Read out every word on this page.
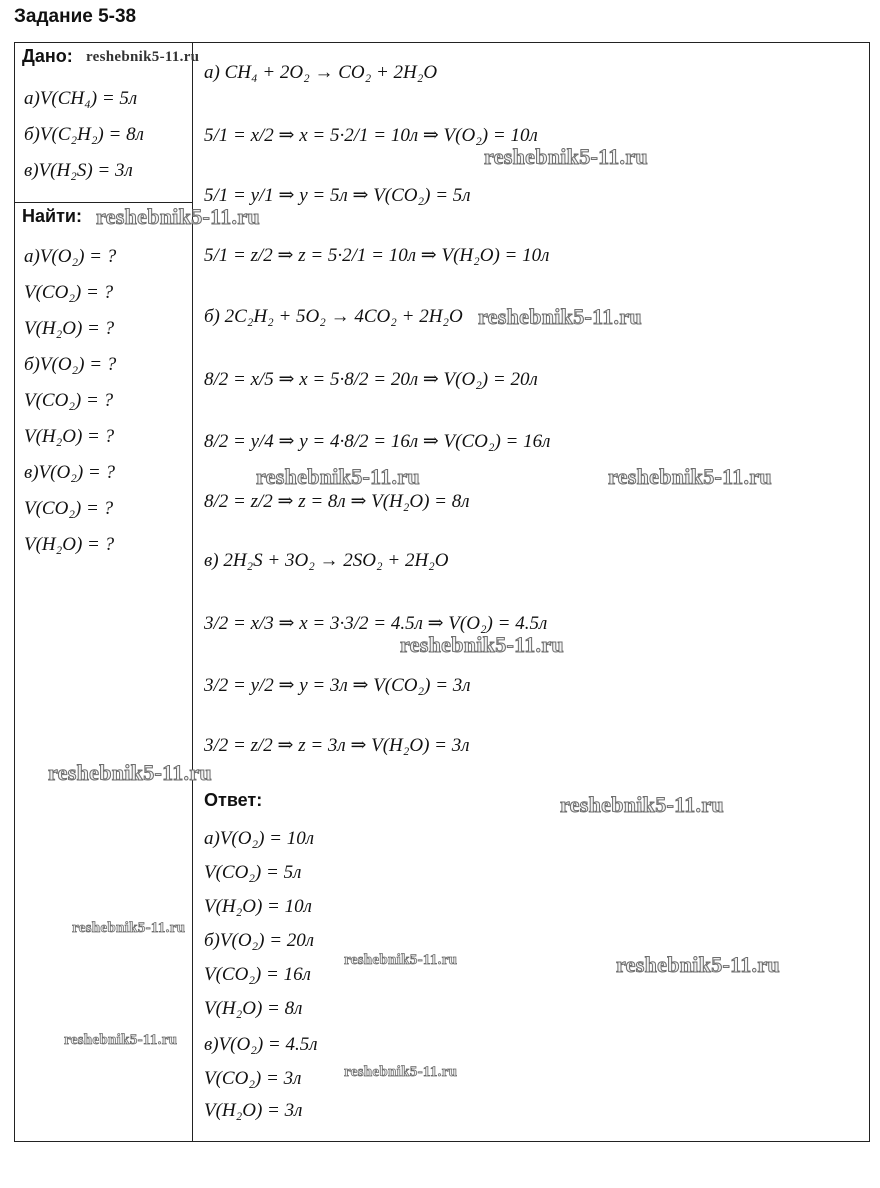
Задание 5-38
Дано:
а)V(CH₄) = 5л
б)V(C₂H₂) = 8л
в)V(H₂S) = 3л
Найти:
а)V(O₂) = ?
V(CO₂) = ?
V(H₂O) = ?
б)V(O₂) = ?
V(CO₂) = ?
V(H₂O) = ?
в)V(O₂) = ?
V(CO₂) = ?
V(H₂O) = ?
а) CH₄ + 2O₂ → CO₂ + 2H₂O
5/1 = x/2 ⇒ x = 5·2/1 = 10л ⇒ V(O₂) = 10л
5/1 = y/1 ⇒ y = 5л ⇒ V(CO₂) = 5л
5/1 = z/2 ⇒ z = 5·2/1 = 10л ⇒ V(H₂O) = 10л
б) 2C₂H₂ + 5O₂ → 4CO₂ + 2H₂O
8/2 = x/5 ⇒ x = 5·8/2 = 20л ⇒ V(O₂) = 20л
8/2 = y/4 ⇒ y = 4·8/2 = 16л ⇒ V(CO₂) = 16л
8/2 = z/2 ⇒ z = 8л ⇒ V(H₂O) = 8л
в) 2H₂S + 3O₂ → 2SO₂ + 2H₂O
3/2 = x/3 ⇒ x = 3·3/2 = 4.5л ⇒ V(O₂) = 4.5л
3/2 = y/2 ⇒ y = 3л ⇒ V(CO₂) = 3л
3/2 = z/2 ⇒ z = 3л ⇒ V(H₂O) = 3л
Ответ:
а)V(O₂) = 10л
V(CO₂) = 5л
V(H₂O) = 10л
б)V(O₂) = 20л
V(CO₂) = 16л
V(H₂O) = 8л
в)V(O₂) = 4.5л
V(CO₂) = 3л
V(H₂O) = 3л
reshebnik5-11.ru
reshebnik5-11.ru
reshebnik5-11.ru
reshebnik5-11.ru
reshebnik5-11.ru	reshebnik5-11.ru
reshebnik5-11.ru
reshebnik5-11.ru
reshebnik5-11.ru
reshebnik5-11.ru
reshebnik5-11.ru	reshebnik5-11.ru
reshebnik5-11.ru
reshebnik5-11.ru
